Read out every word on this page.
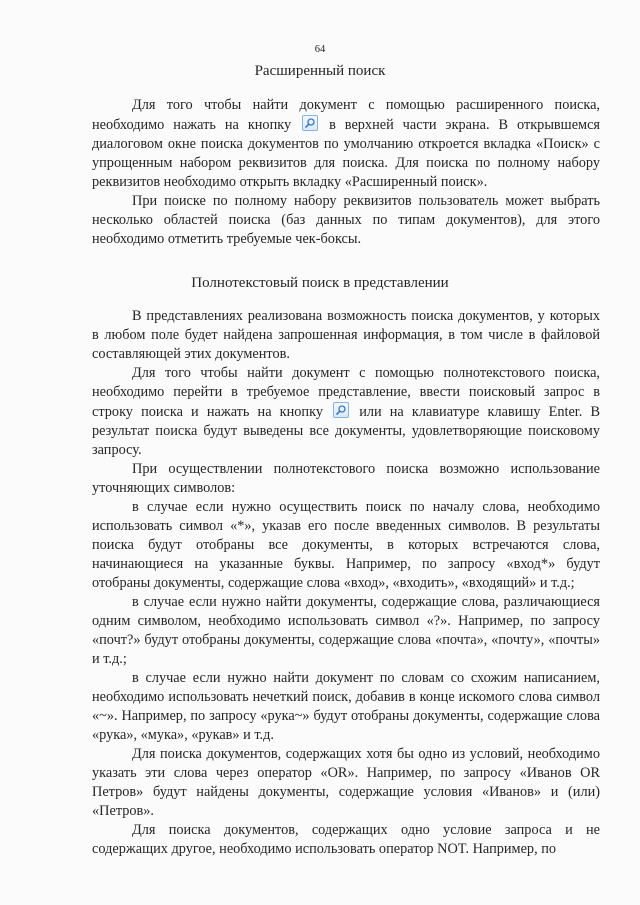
64
Расширенный поиск

Для того чтобы найти документ с помощью расширенного поиска, необходимо нажать на кнопку	в верхней части экрана. В открывшемся диалоговом окне поиска документов по умолчанию откроется вкладка «Поиск» с упрощенным набором реквизитов для поиска. Для поиска по полному набору реквизитов необходимо открыть вкладку «Расширенный поиск».

При поиске по полному набору реквизитов пользователь может выбрать несколько областей поиска (баз данных по типам документов), для этого необходимо отметить требуемые чек-боксы.

Полнотекстовый поиск в представлении

В представлениях реализована возможность поиска документов, у которых в любом поле будет найдена запрошенная информация, в том числе в файловой составляющей этих документов.

Для того чтобы найти документ с помощью полнотекстового поиска, необходимо перейти в требуемое представление, ввести поисковый запрос в строку поиска и нажать на кнопку	или на клавиатуре клавишу Enter. В результат поиска будут выведены все документы, удовлетворяющие поисковому запросу.

При осуществлении полнотекстового поиска возможно использование уточняющих символов:

в случае если нужно осуществить поиск по началу слова, необходимо использовать символ «*», указав его после введенных символов. В результаты поиска будут отобраны все документы, в которых встречаются слова, начинающиеся на указанные буквы. Например, по запросу «вход*» будут отобраны документы, содержащие слова «вход», «входить», «входящий» и т.д.;

в случае если нужно найти документы, содержащие слова, различающиеся одним символом, необходимо использовать символ «?». Например, по запросу «почт?» будут отобраны документы, содержащие слова «почта», «почту», «почты» и т.д.;

в случае если нужно найти документ по словам со схожим написанием, необходимо использовать нечеткий поиск, добавив в конце искомого слова символ «~». Например, по запросу «рука~» будут отобраны документы, содержащие слова «рука», «мука», «рукав» и т.д.

Для поиска документов, содержащих хотя бы одно из условий, необходимо указать эти слова через оператор «OR». Например, по запросу «Иванов OR Петров» будут найдены документы, содержащие условия «Иванов» и (или) «Петров».

Для поиска документов, содержащих одно условие запроса и не содержащих другое, необходимо использовать оператор NOT. Например, по
